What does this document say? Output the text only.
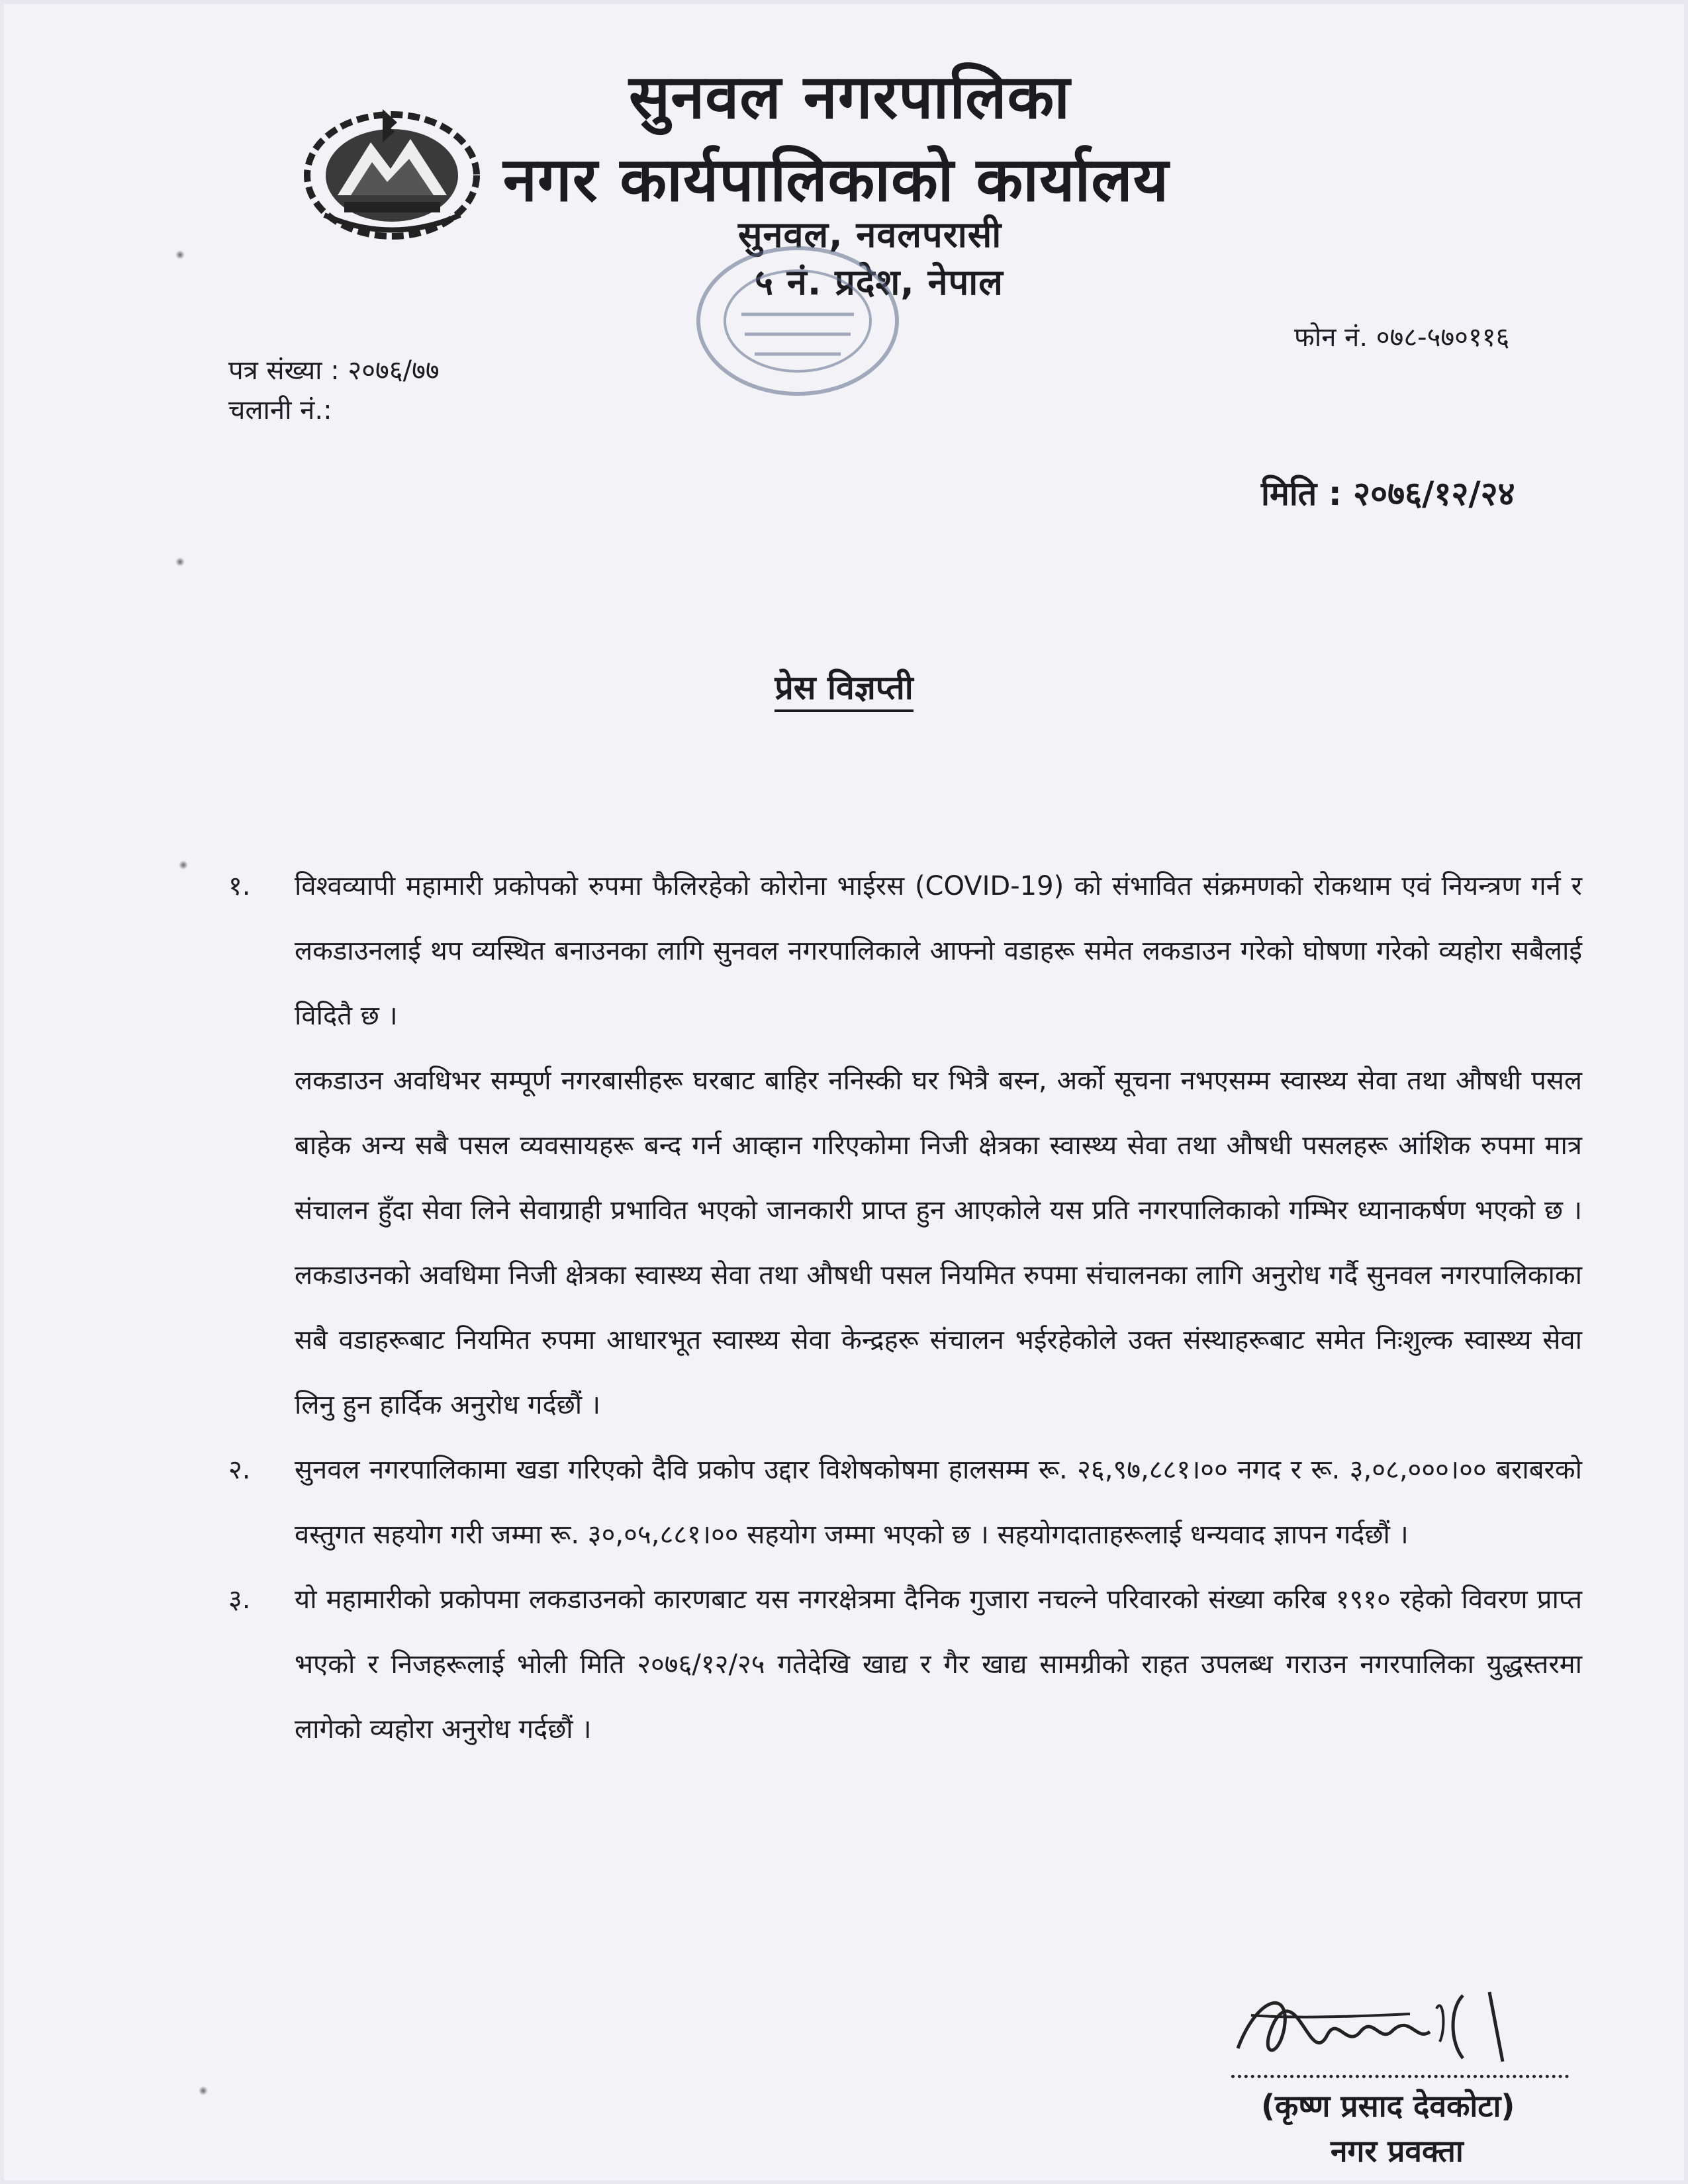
सुनवल नगरपालिका
नगर कार्यपालिकाको कार्यालय
सुनवल, नवलपरासी
५ नं. प्रदेश, नेपाल
फोन नं. ०७८-५७०११६
पत्र संख्या : २०७६/७७
चलानी नं.:
मिति : २०७६/१२/२४
प्रेस विज्ञप्ती
१. विश्वव्यापी महामारी प्रकोपको रुपमा फैलिरहेको कोरोना भाईरस (COVID-19) को संभावित संक्रमणको रोकथाम एवं नियन्त्रण गर्न र लकडाउनलाई थप व्यस्थित बनाउनका लागि सुनवल नगरपालिकाले आफ्नो वडाहरू समेत लकडाउन गरेको घोषणा गरेको व्यहोरा सबैलाई विदितै छ ।

लकडाउन अवधिभर सम्पूर्ण नगरबासीहरू घरबाट बाहिर ननिस्की घर भित्रै बस्न, अर्को सूचना नभएसम्म स्वास्थ्य सेवा तथा औषधी पसल बाहेक अन्य सबै पसल व्यवसायहरू बन्द गर्न आव्हान गरिएकोमा निजी क्षेत्रका स्वास्थ्य सेवा तथा औषधी पसलहरू आंशिक रुपमा मात्र संचालन हुँदा सेवा लिने सेवाग्राही प्रभावित भएको जानकारी प्राप्त हुन आएकोले यस प्रति नगरपालिकाको गम्भिर ध्यानाकर्षण भएको छ । लकडाउनको अवधिमा निजी क्षेत्रका स्वास्थ्य सेवा तथा औषधी पसल नियमित रुपमा संचालनका लागि अनुरोध गर्दै सुनवल नगरपालिकाका सबै वडाहरूबाट नियमित रुपमा आधारभूत स्वास्थ्य सेवा केन्द्रहरू संचालन भईरहेकोले उक्त संस्थाहरूबाट समेत निःशुल्क स्वास्थ्य सेवा लिनु हुन हार्दिक अनुरोध गर्दछौं ।

२. सुनवल नगरपालिकामा खडा गरिएको दैवि प्रकोप उद्दार विशेषकोषमा हालसम्म रू. २६,९७,८८१।०० नगद र रू. ३,०८,०००।०० बराबरको वस्तुगत सहयोग गरी जम्मा रू. ३०,०५,८८१।०० सहयोग जम्मा भएको छ । सहयोगदाताहरूलाई धन्यवाद ज्ञापन गर्दछौं ।

३. यो महामारीको प्रकोपमा लकडाउनको कारणबाट यस नगरक्षेत्रमा दैनिक गुजारा नचल्ने परिवारको संख्या करिब १९१० रहेको विवरण प्राप्त भएको र निजहरूलाई भोली मिति २०७६/१२/२५ गतेदेखि खाद्य र गैर खाद्य सामग्रीको राहत उपलब्ध गराउन नगरपालिका युद्धस्तरमा लागेको व्यहोरा अनुरोध गर्दछौं ।

(कृष्ण प्रसाद देवकोटा)
नगर प्रवक्ता
